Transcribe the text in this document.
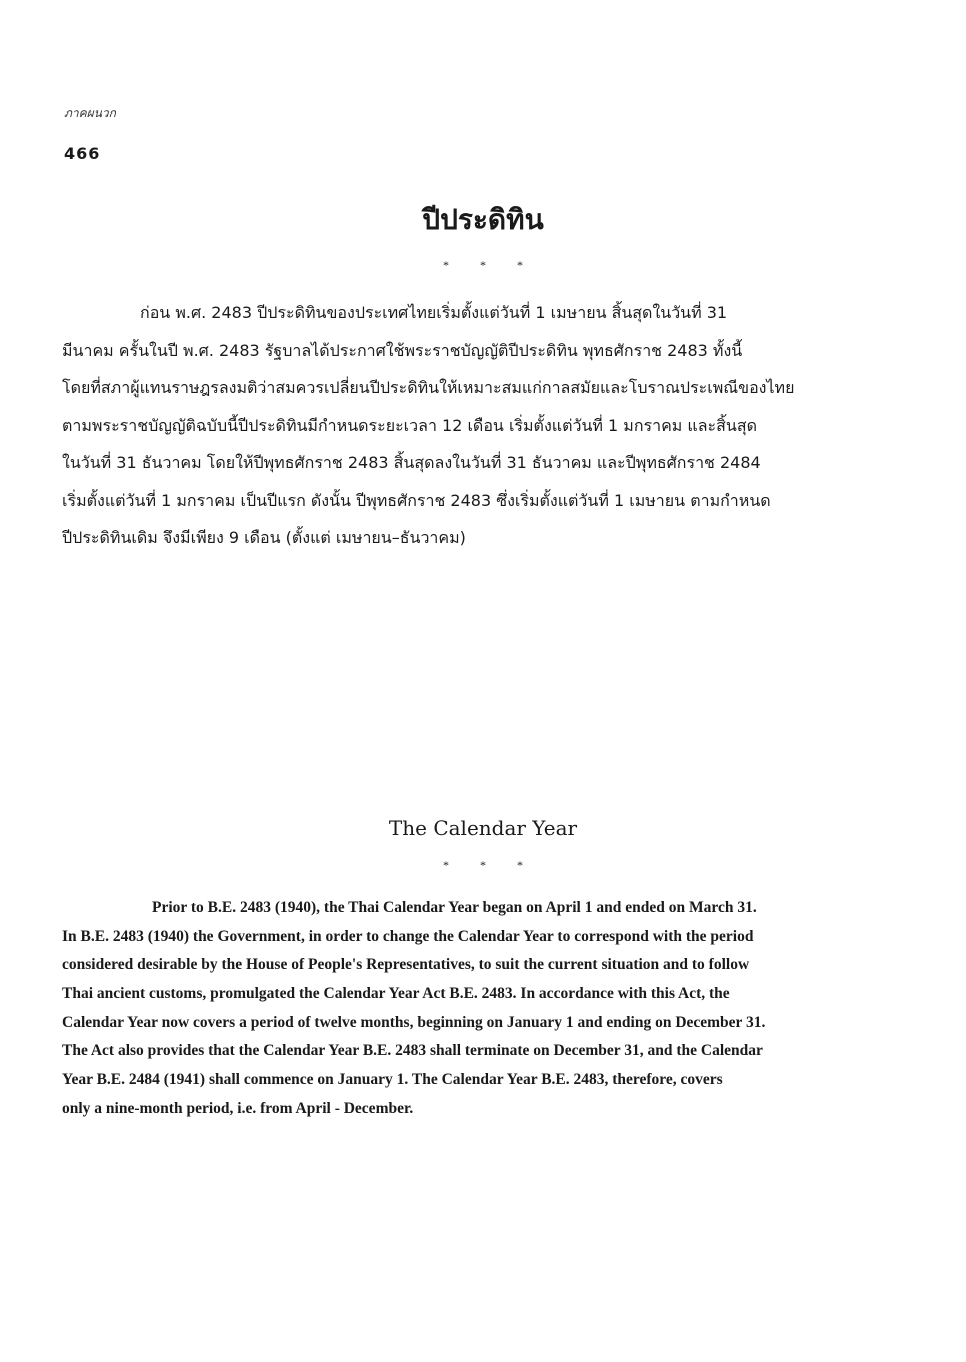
ภาคผนวก
466
ปีประดิทิน
* * *
ก่อน พ.ศ. 2483 ปีประดิทินของประเทศไทยเริ่มตั้งแต่วันที่ 1 เมษายน สิ้นสุดในวันที่ 31
มีนาคม ครั้นในปี พ.ศ. 2483 รัฐบาลได้ประกาศใช้พระราชบัญญัติปีประดิทิน พุทธศักราช 2483 ทั้งนี้
โดยที่สภาผู้แทนราษฎรลงมติว่าสมควรเปลี่ยนปีประดิทินให้เหมาะสมแก่กาลสมัยและโบราณประเพณีของไทย
ตามพระราชบัญญัติฉบับนี้ปีประดิทินมีกำหนดระยะเวลา 12 เดือน เริ่มตั้งแต่วันที่ 1 มกราคม และสิ้นสุด
ในวันที่ 31 ธันวาคม โดยให้ปีพุทธศักราช 2483 สิ้นสุดลงในวันที่ 31 ธันวาคม และปีพุทธศักราช 2484
เริ่มตั้งแต่วันที่ 1 มกราคม เป็นปีแรก ดังนั้น ปีพุทธศักราช 2483 ซึ่งเริ่มตั้งแต่วันที่ 1 เมษายน ตามกำหนด
ปีประดิทินเดิม จึงมีเพียง 9 เดือน (ตั้งแต่ เมษายน–ธันวาคม)
The Calendar Year
* * *
Prior to B.E. 2483 (1940), the Thai Calendar Year began on April 1 and ended on March 31.
In B.E. 2483 (1940) the Government, in order to change the Calendar Year to correspond with the period
considered desirable by the House of People's Representatives, to suit the current situation and to follow
Thai ancient customs, promulgated the Calendar Year Act B.E. 2483. In accordance with this Act, the
Calendar Year now covers a period of twelve months, beginning on January 1 and ending on December 31.
The Act also provides that the Calendar Year B.E. 2483 shall terminate on December 31, and the Calendar
Year B.E. 2484 (1941) shall commence on January 1. The Calendar Year B.E. 2483, therefore, covers
only a nine-month period, i.e. from April - December.
